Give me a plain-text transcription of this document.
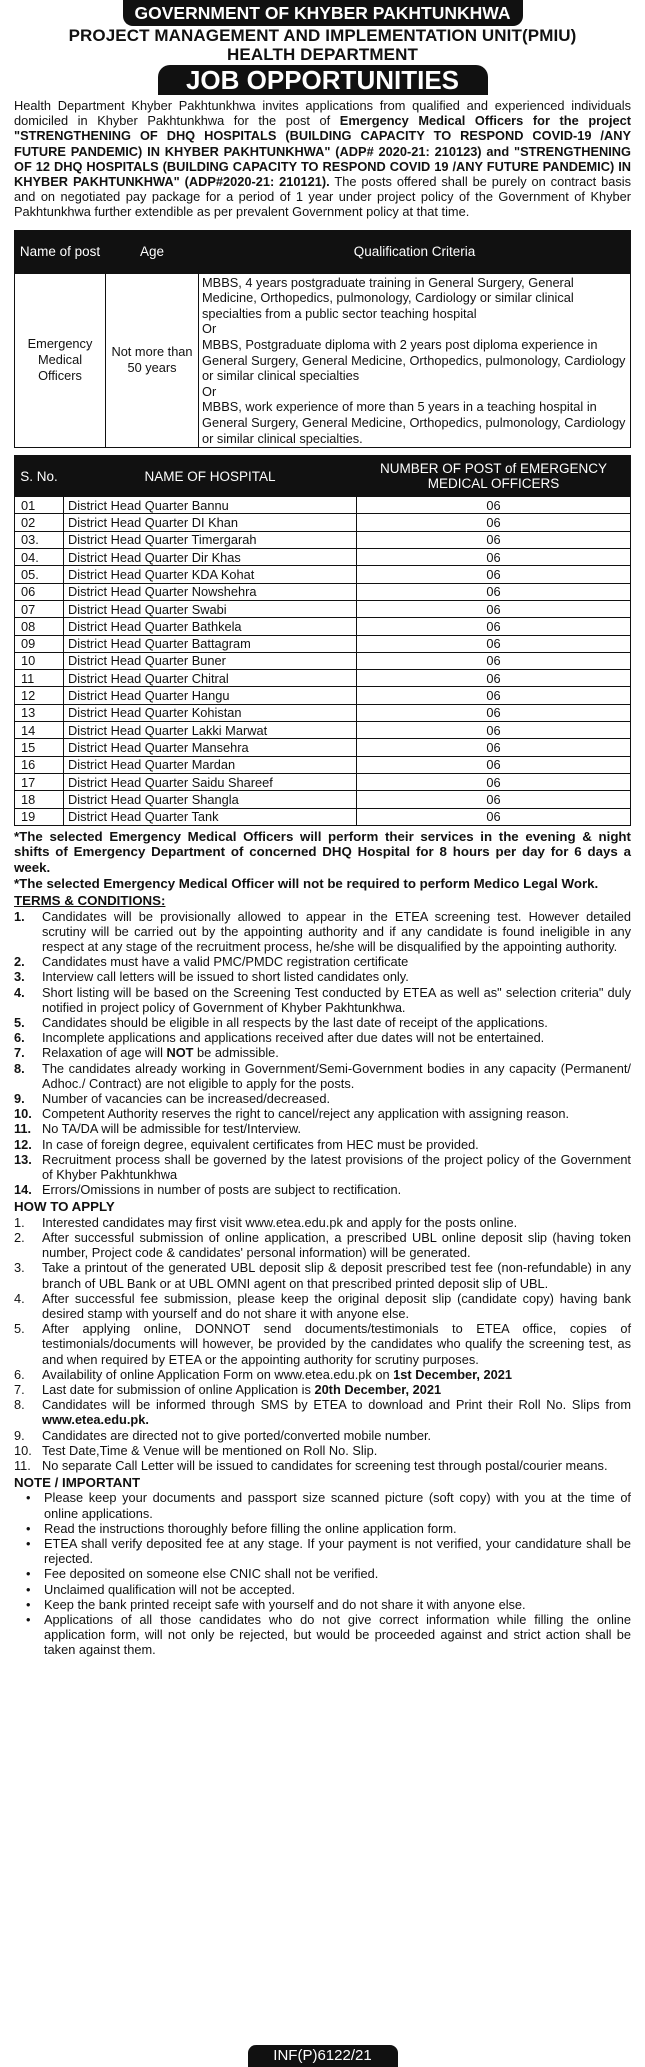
GOVERNMENT OF KHYBER PAKHTUNKHWA
PROJECT MANAGEMENT AND IMPLEMENTATION UNIT(PMIU)
HEALTH DEPARTMENT
JOB OPPORTUNITIES

Health Department Khyber Pakhtunkhwa invites applications from qualified and experienced individuals domiciled in Khyber Pakhtunkhwa for the post of Emergency Medical Officers for the project "STRENGTHENING OF DHQ HOSPITALS (BUILDING CAPACITY TO RESPOND COVID-19 /ANY FUTURE PANDEMIC) IN KHYBER PAKHTUNKHWA" (ADP# 2020-21: 210123) and "STRENGTHENING OF 12 DHQ HOSPITALS (BUILDING CAPACITY TO RESPOND COVID 19 /ANY FUTURE PANDEMIC) IN KHYBER PAKHTUNKHWA" (ADP#2020-21: 210121). The posts offered shall be purely on contract basis and on negotiated pay package for a period of 1 year under project policy of the Government of Khyber Pakhtunkhwa further extendible as per prevalent Government policy at that time.

Name of post	Age	Qualification Criteria
Emergency Medical Officers	Not more than 50 years	MBBS, 4 years postgraduate training in General Surgery, General Medicine, Orthopedics, pulmonology, Cardiology or similar clinical specialties from a public sector teaching hospital
Or
MBBS, Postgraduate diploma with 2 years post diploma experience in General Surgery, General Medicine, Orthopedics, pulmonology, Cardiology or similar clinical specialties
Or
MBBS, work experience of more than 5 years in a teaching hospital in General Surgery, General Medicine, Orthopedics, pulmonology, Cardiology or similar clinical specialties.
S. No.	NAME OF HOSPITAL	NUMBER OF POST of EMERGENCY MEDICAL OFFICERS
01	District Head Quarter Bannu	06
02	District Head Quarter DI Khan	06
03.	District Head Quarter Timergarah	06
04.	District Head Quarter Dir Khas	06
05.	District Head Quarter KDA Kohat	06
06	District Head Quarter Nowshehra	06
07	District Head Quarter Swabi	06
08	District Head Quarter Bathkela	06
09	District Head Quarter Battagram	06
10	District Head Quarter Buner	06
11	District Head Quarter Chitral	06
12	District Head Quarter Hangu	06
13	District Head Quarter Kohistan	06
14	District Head Quarter Lakki Marwat	06
15	District Head Quarter Mansehra	06
16	District Head Quarter Mardan	06
17	District Head Quarter Saidu Shareef	06
18	District Head Quarter Shangla	06
19	District Head Quarter Tank	06

*The selected Emergency Medical Officers will perform their services in the evening & night shifts of Emergency Department of concerned DHQ Hospital for 8 hours per day for 6 days a week.

*The selected Emergency Medical Officer will not be required to perform Medico Legal Work.

TERMS & CONDITIONS:
1.	Candidates will be provisionally allowed to appear in the ETEA screening test. However detailed scrutiny will be carried out by the appointing authority and if any candidate is found ineligible in any respect at any stage of the recruitment process, he/she will be disqualified by the appointing authority.
2.	Candidates must have a valid PMC/PMDC registration certificate
3.	Interview call letters will be issued to short listed candidates only.
4.	Short listing will be based on the Screening Test conducted by ETEA as well as" selection criteria" duly notified in project policy of Government of Khyber Pakhtunkhwa.
5.	Candidates should be eligible in all respects by the last date of receipt of the applications.
6.	Incomplete applications and applications received after due dates will not be entertained.
7.	Relaxation of age will NOT be admissible.
8.	The candidates already working in Government/Semi-Government bodies in any capacity (Permanent/ Adhoc./ Contract) are not eligible to apply for the posts.
9.	Number of vacancies can be increased/decreased.
10. Competent Authority reserves the right to cancel/reject any application with assigning reason.
11. No TA/DA will be admissible for test/Interview.
12. In case of foreign degree, equivalent certificates from HEC must be provided.
13. Recruitment process shall be governed by the latest provisions of the project policy of the Government of Khyber Pakhtunkhwa
14. Errors/Omissions in number of posts are subject to rectification.
HOW TO APPLY
1.	Interested candidates may first visit www.etea.edu.pk and apply for the posts online.
2.	After successful submission of online application, a prescribed UBL online deposit slip (having token number, Project code & candidates' personal information) will be generated.
3.	Take a printout of the generated UBL deposit slip & deposit prescribed test fee (non-refundable) in any branch of UBL Bank or at UBL OMNI agent on that prescribed printed deposit slip of UBL.
4.	After successful fee submission, please keep the original deposit slip (candidate copy) having bank desired stamp with yourself and do not share it with anyone else.
5.	After applying online, DONNOT send documents/testimonials to ETEA office, copies of testimonials/documents will however, be provided by the candidates who qualify the screening test, as and when required by ETEA or the appointing authority for scrutiny purposes.
6.	Availability of online Application Form on www.etea.edu.pk on 1st December, 2021
7.	Last date for submission of online Application is 20th December, 2021
8.	Candidates will be informed through SMS by ETEA to download and Print their Roll No. Slips from www.etea.edu.pk.
9.	Candidates are directed not to give ported/converted mobile number.
10. Test Date,Time & Venue will be mentioned on Roll No. Slip.
11. No separate Call Letter will be issued to candidates for screening test through postal/courier means.
NOTE / IMPORTANT
•	Please keep your documents and passport size scanned picture (soft copy) with you at the time of online applications.
•	Read the instructions thoroughly before filling the online application form.
•	ETEA shall verify deposited fee at any stage. If your payment is not verified, your candidature shall be rejected.
•	Fee deposited on someone else CNIC shall not be verified.
•	Unclaimed qualification will not be accepted.
•	Keep the bank printed receipt safe with yourself and do not share it with anyone else.
•	Applications of all those candidates who do not give correct information while filling the online application form, will not only be rejected, but would be proceeded against and strict action shall be taken against them.
INF(P)6122/21
